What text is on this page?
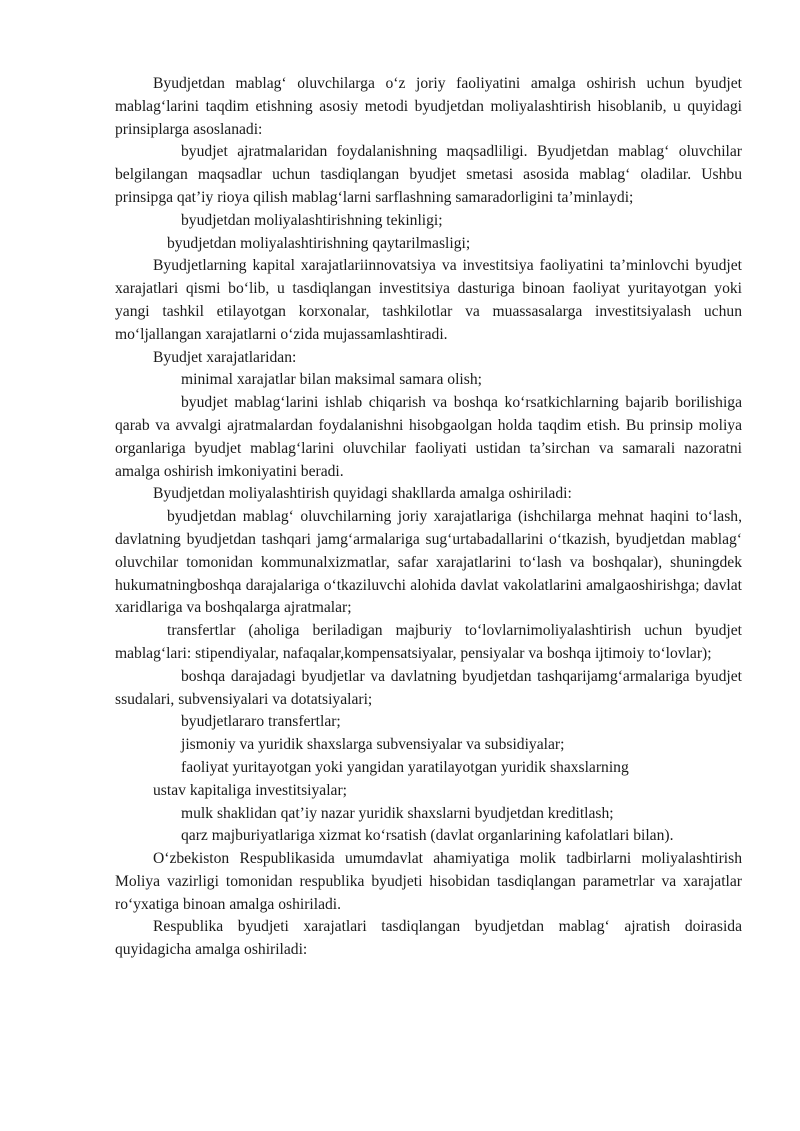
Byudjetdan mablag‘ oluvchilarga o‘z joriy faoliyatini amalga oshirish uchun byudjet mablag‘larini taqdim etishning asosiy metodi byudjetdan moliyalashtirish hisoblanib, u quyidagi prinsiplarga asoslanadi:

byudjet ajratmalaridan foydalanishning maqsadliligi. Byudjetdan mablag‘ oluvchilar belgilangan maqsadlar uchun tasdiqlangan byudjet smetasi asosida mablag‘ oladilar. Ushbu prinsipga qat’iy rioya qilish mablag‘larni sarflashning samaradorligini ta’minlaydi;

byudjetdan moliyalashtirishning tekinligi;

byudjetdan moliyalashtirishning qaytarilmasligi;

Byudjetlarning kapital xarajatlariinnovatsiya va investitsiya faoliyatini ta’minlovchi byudjet xarajatlari qismi bo‘lib, u tasdiqlangan investitsiya dasturiga binoan faoliyat yuritayotgan yoki yangi tashkil etilayotgan korxonalar, tashkilotlar va muassasalarga investitsiyalash uchun mo‘ljallangan xarajatlarni o‘zida mujassamlashtiradi.

Byudjet xarajatlaridan:

minimal xarajatlar bilan maksimal samara olish;

byudjet mablag‘larini ishlab chiqarish va boshqa ko‘rsatkichlarning bajarib borilishiga qarab va avvalgi ajratmalardan foydalanishni hisobgaolgan holda taqdim etish. Bu prinsip moliya organlariga byudjet mablag‘larini oluvchilar faoliyati ustidan ta’sirchan va samarali nazoratni amalga oshirish imkoniyatini beradi.

Byudjetdan moliyalashtirish quyidagi shakllarda amalga oshiriladi:

byudjetdan mablag‘ oluvchilarning joriy xarajatlariga (ishchilarga mehnat haqini to‘lash, davlatning byudjetdan tashqari jamg‘armalariga sug‘urtabadallarini o‘tkazish, byudjetdan mablag‘ oluvchilar tomonidan kommunalxizmatlar, safar xarajatlarini to‘lash va boshqalar), shuningdek hukumatningboshqa darajalariga o‘tkaziluvchi alohida davlat vakolatlarini amalgaoshirishga; davlat xaridlariga va boshqalarga ajratmalar;

transfertlar (aholiga beriladigan majburiy to‘lovlarnimoliyalashtirish uchun byudjet mablag‘lari: stipendiyalar, nafaqalar,kompensatsiyalar, pensiyalar va boshqa ijtimoiy to‘lovlar);

boshqa darajadagi byudjetlar va davlatning byudjetdan tashqarijamg‘armalariga byudjet ssudalari, subvensiyalari va dotatsiyalari;

byudjetlararo transfertlar;

jismoniy va yuridik shaxslarga subvensiyalar va subsidiyalar;

faoliyat yuritayotgan yoki yangidan yaratilayotgan yuridik shaxslarning

ustav kapitaliga investitsiyalar;

mulk shaklidan qat’iy nazar yuridik shaxslarni byudjetdan kreditlash;

qarz majburiyatlariga xizmat ko‘rsatish (davlat organlarining kafolatlari bilan).

O‘zbekiston Respublikasida umumdavlat ahamiyatiga molik tadbirlarni moliyalashtirish Moliya vazirligi tomonidan respublika byudjeti hisobidan tasdiqlangan parametrlar va xarajatlar ro‘yxatiga binoan amalga oshiriladi.

Respublika byudjeti xarajatlari tasdiqlangan byudjetdan mablag‘ ajratish doirasida quyidagicha amalga oshiriladi:
